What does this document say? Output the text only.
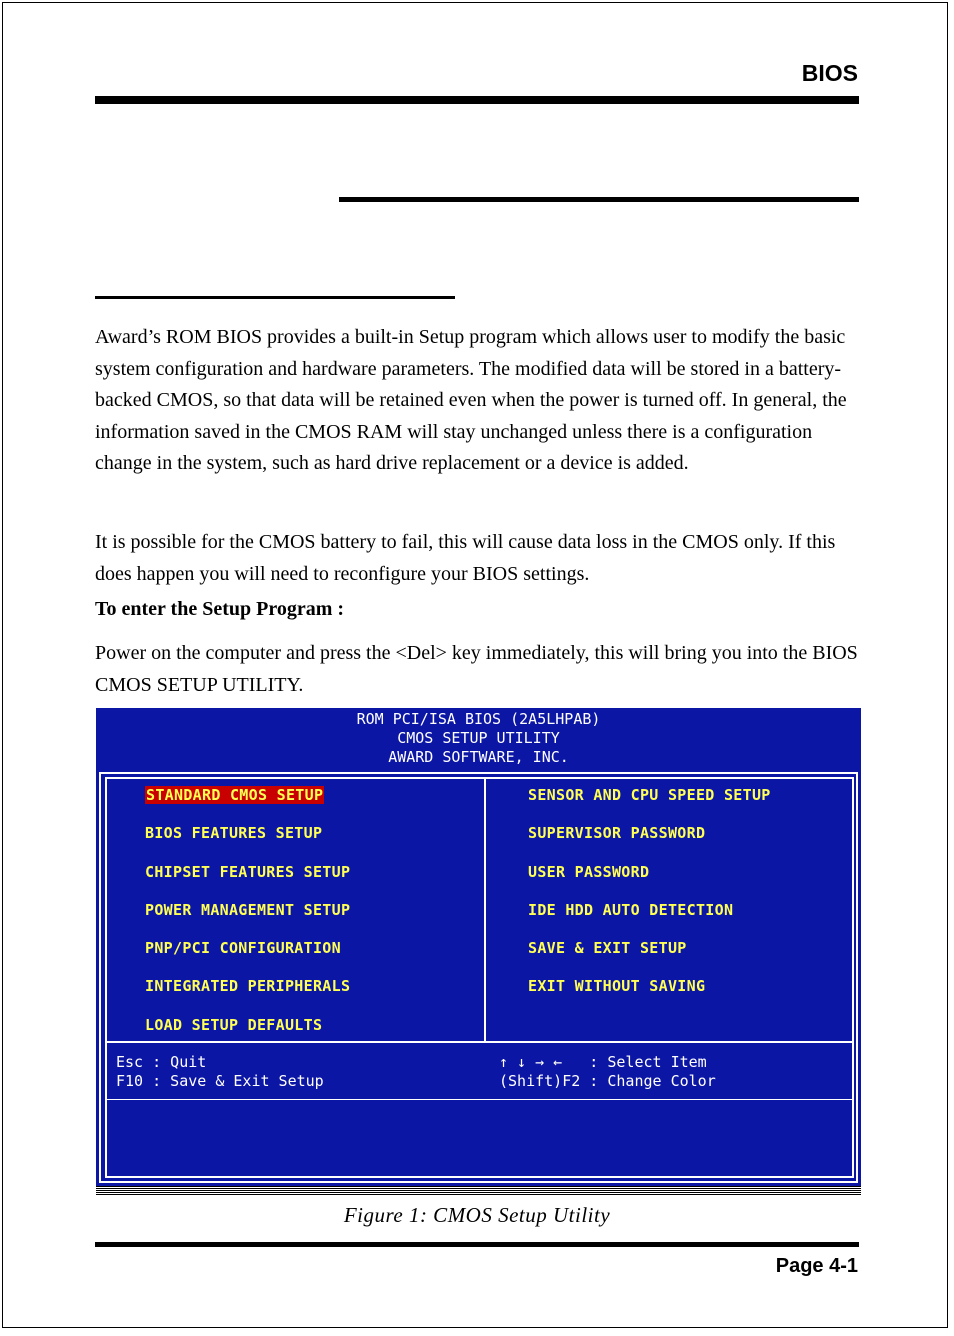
BIOS

Award’s ROM BIOS provides a built-in Setup program which allows user to modify the basic system configuration and hardware parameters. The modified data will be stored in a battery-backed CMOS, so that data will be retained even when the power is turned off. In general, the information saved in the CMOS RAM will stay unchanged unless there is a configuration change in the system, such as hard drive replacement or a device is added.

It is possible for the CMOS battery to fail, this will cause data loss in the CMOS only. If this does happen you will need to reconfigure your BIOS settings.

To enter the Setup Program :

Power on the computer and press the <Del> key immediately, this will bring you into the BIOS CMOS SETUP UTILITY.

ROM PCI/ISA BIOS (2A5LHPAB)
CMOS SETUP UTILITY
AWARD SOFTWARE, INC.
STANDARD CMOS SETUP
BIOS FEATURES SETUP
CHIPSET FEATURES SETUP
POWER MANAGEMENT SETUP
PNP/PCI CONFIGURATION
INTEGRATED PERIPHERALS
LOAD SETUP DEFAULTS
SENSOR AND CPU SPEED SETUP
SUPERVISOR PASSWORD
USER PASSWORD
IDE HDD AUTO DETECTION
SAVE & EXIT SETUP
EXIT WITHOUT SAVING
Esc : Quit
F10 : Save & Exit Setup
↑ ↓ → ←   : Select Item
(Shift)F2 : Change Color
Figure 1: CMOS Setup Utility
Page 4-1
